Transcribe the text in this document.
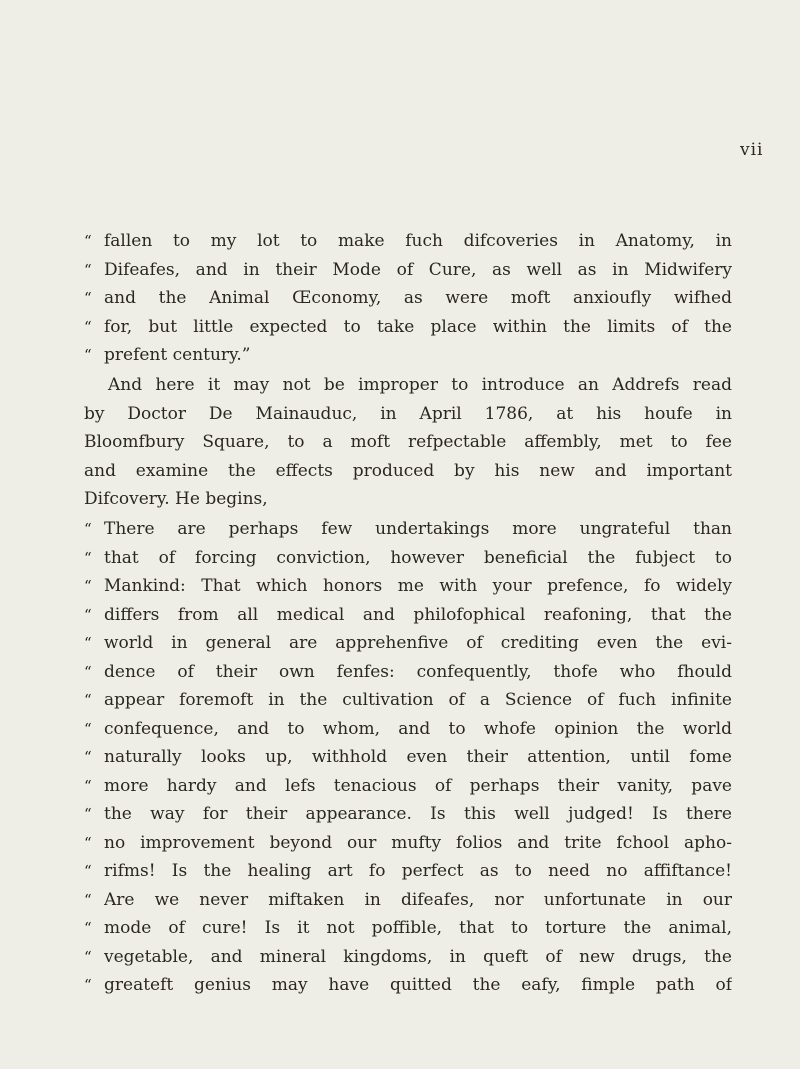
vii
“ fallen to my lot to make fuch difcoveries in Anatomy, in
“ Difeafes, and in their Mode of Cure, as well as in Midwifery
“ and the Animal Œconomy, as were moft anxioufly wifhed
“ for, but little expected to take place within the limits of the
“ prefent century.”
And here it may not be improper to introduce an Addrefs read
by Doctor De Mainauduc, in April 1786, at his houfe in
Bloomfbury Square, to a moft refpectable affembly, met to fee
and examine the effects produced by his new and important
Difcovery. He begins,
“ There are perhaps few undertakings more ungrateful than
“ that of forcing conviction, however beneficial the fubject to
“ Mankind: That which honors me with your prefence, fo widely
“ differs from all medical and philofophical reafoning, that the
“ world in general are apprehenfive of crediting even the evi-
“ dence of their own fenfes: confequently, thofe who fhould
“ appear foremoft in the cultivation of a Science of fuch infinite
“ confequence, and to whom, and to whofe opinion the world
“ naturally looks up, withhold even their attention, until fome
“ more hardy and lefs tenacious of perhaps their vanity, pave
“ the way for their appearance. Is this well judged! Is there
“ no improvement beyond our mufty folios and trite fchool apho-
“ rifms! Is the healing art fo perfect as to need no affiftance!
“ Are we never miftaken in difeafes, nor unfortunate in our
“ mode of cure! Is it not poffible, that to torture the animal,
“ vegetable, and mineral kingdoms, in queft of new drugs, the
“ greateft genius may have quitted the eafy, fimple path of
